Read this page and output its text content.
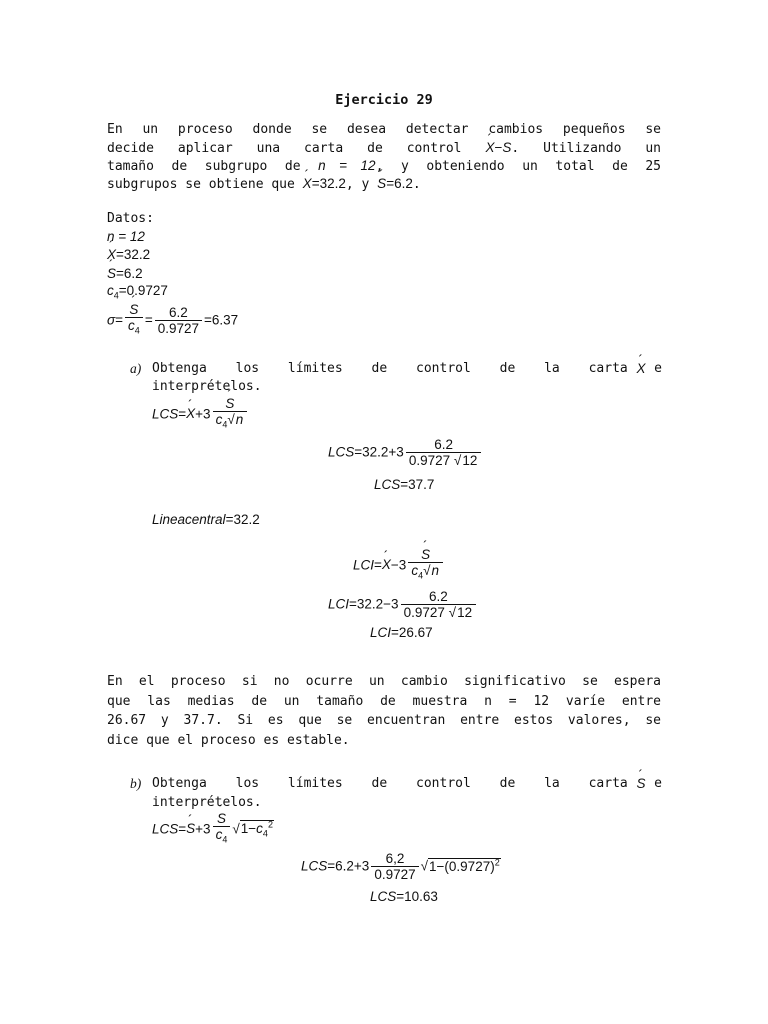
Ejercicio 29
En un proceso donde se desea detectar cambios pequeños se
decide aplicar una carta de control X ´−S. Utilizando un
tamaño de subgrupo de n = 12, y obteniendo un total de 25
subgrupos se obtiene que X ´=32.2, y S ´=6.2.
Datos:
n = 12
X ´=32.2
S ´=6.2
$c_4=0.9727$
$\sigma= \frac{S ´}{c_4} = \frac{6.2}{0.9727} =6.37$
a) Obtenga los límites de control de la carta X ´ e
interprételos.
LCS=X ´+3 $\frac{S ´}{c_4√n}$
$LCS=32.2+3 \frac{6.2}{0.9727 √12}$
LCS=37.7
Lineacentral=32.2
LCI=X ´−3 $\frac{S ´}{c_4√n}$
$LCI=32.2-3 \frac{6.2}{0.9727 √12}$
LCI=26.67
En el proceso si no ocurre un cambio significativo se espera
que las medias de un tamaño de muestra n = 12 varíe entre
26.67 y 37.7. Si es que se encuentran entre estos valores, se
dice que el proceso es estable.
b) Obtenga los límites de control de la carta S ´ e
interprételos.
LCS=S ´+3 $\frac{S ´}{c_4} √1-c_4^2$
$LCS=6.2+3 \frac{6,2}{0.9727} √1-(0.9727)^2$
LCS=10.63
